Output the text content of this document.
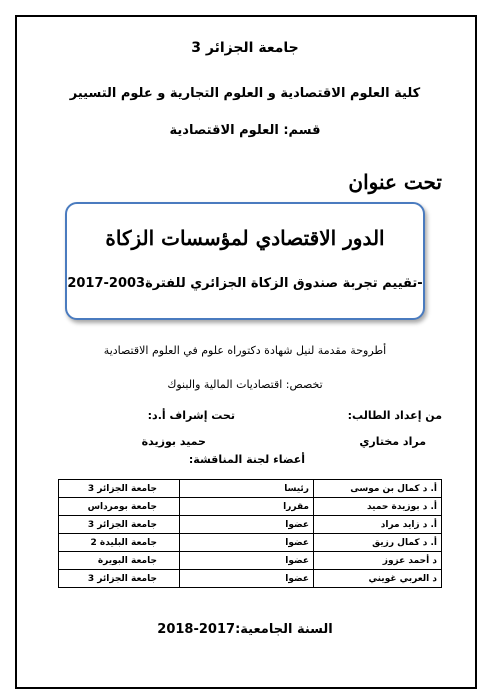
جامعة الجزائر 3
كلية العلوم الاقتصادية و العلوم التجارية و علوم التسيير
قسم: العلوم الاقتصادية
تحت عنوان
الدور الاقتصادي لمؤسسات الزكاة
-تقييم تجربة صندوق الزكاة الجزائري للفترة2003-2017
أطروحة مقدمة لنيل شهادة دكتوراه علوم في العلوم الاقتصادية
تخصص: اقتصاديات المالية والبنوك
من إعداد الطالب:
تحت إشراف أ.د:
مراد مختاري
حميد بوزيدة
أعضاء لجنة المناقشة:
أ. د كمال بن موسى	رئيسا	جامعة الجزائر 3
أ. د بوزيدة حميد	مقررا	جامعة بومرداس
أ. د زايد مراد	عضوا	جامعة الجزائر 3
أ. د كمال رزيق	عضوا	جامعة البليدة 2
د أحمد عزوز	عضوا	جامعة البويرة
د العربي غويني	عضوا	جامعة الجزائر 3
السنة الجامعية:2017-2018
